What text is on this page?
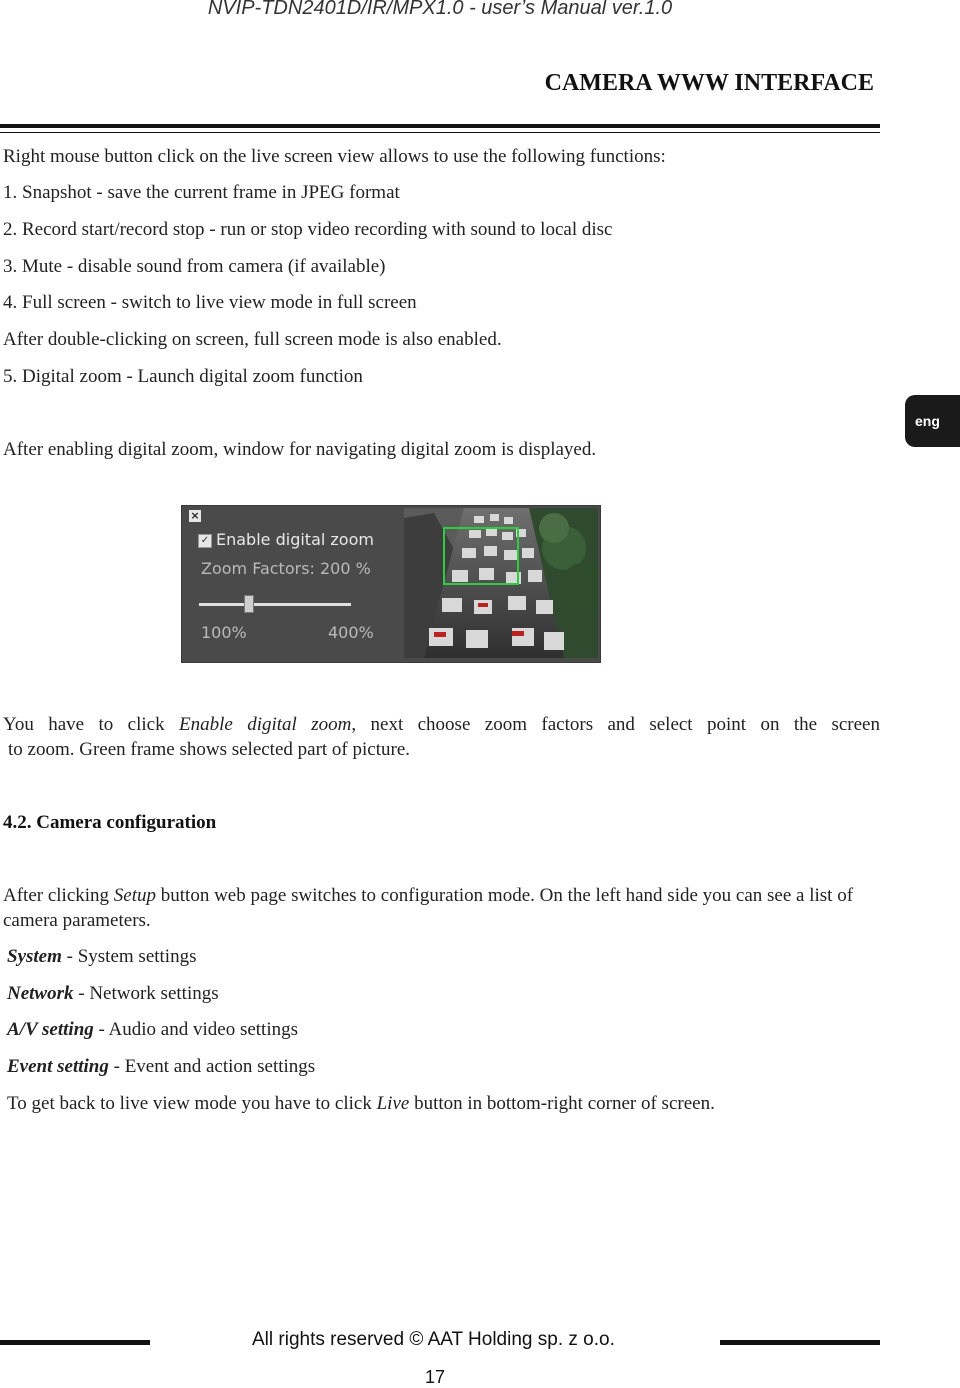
NVIP-TDN2401D/IR/MPX1.0 - user’s Manual ver.1.0
CAMERA WWW INTERFACE
Right mouse button click on the live screen view allows to use the following functions:
1. Snapshot - save the current frame in JPEG format
2. Record start/record stop - run or stop video recording with sound to local disc
3. Mute - disable sound from camera (if available)
4. Full screen - switch to live view mode in full screen
After double-clicking on screen, full screen mode is also enabled.
5. Digital zoom - Launch digital zoom function
After enabling digital zoom, window for navigating digital zoom is displayed.
eng
×
✓ Enable digital zoom
Zoom Factors: 200 %
100%	400%
You have to click Enable digital zoom, next choose zoom factors and select point on the screen
to zoom. Green frame shows selected part of picture.
4.2. Camera configuration
After clicking Setup button web page switches to configuration mode. On the left hand side you can see a list of camera parameters.
System - System settings
Network - Network settings
A/V setting - Audio and video settings
Event setting - Event and action settings
To get back to live view mode you have to click Live button in bottom-right corner of screen.
All rights reserved © AAT Holding sp. z o.o.
17
